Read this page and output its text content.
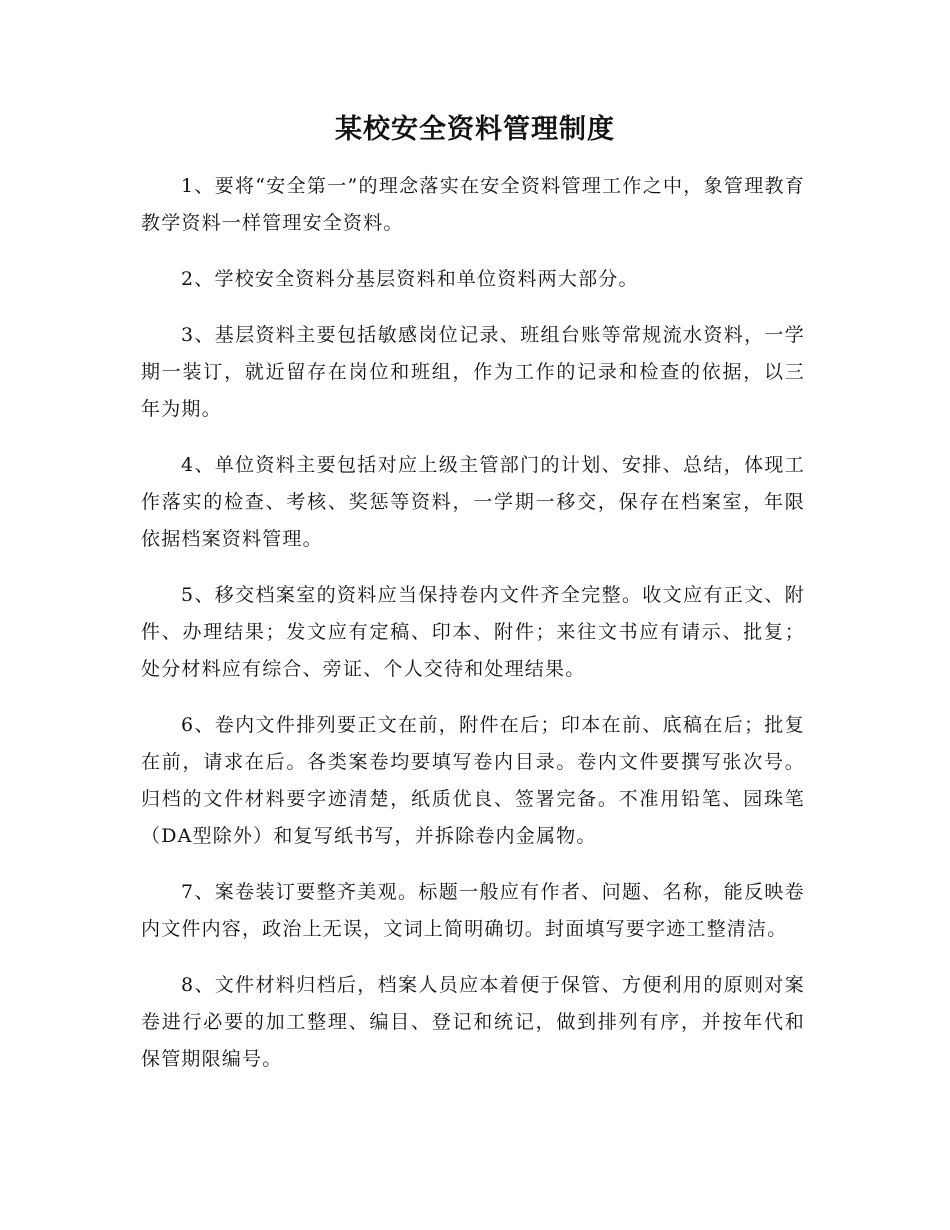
某校安全资料管理制度

1、要将“安全第一”的理念落实在安全资料管理工作之中，象管理教育教学资料一样管理安全资料。

2、学校安全资料分基层资料和单位资料两大部分。

3、基层资料主要包括敏感岗位记录、班组台账等常规流水资料，一学期一装订，就近留存在岗位和班组，作为工作的记录和检查的依据，以三年为期。

4、单位资料主要包括对应上级主管部门的计划、安排、总结，体现工作落实的检查、考核、奖惩等资料，一学期一移交，保存在档案室，年限依据档案资料管理。

5、移交档案室的资料应当保持卷内文件齐全完整。收文应有正文、附件、办理结果；发文应有定稿、印本、附件；来往文书应有请示、批复；处分材料应有综合、旁证、个人交待和处理结果。

6、卷内文件排列要正文在前，附件在后；印本在前、底稿在后；批复在前，请求在后。各类案卷均要填写卷内目录。卷内文件要撰写张次号。归档的文件材料要字迹清楚，纸质优良、签署完备。不准用铅笔、园珠笔（DA型除外）和复写纸书写，并拆除卷内金属物。

7、案卷装订要整齐美观。标题一般应有作者、问题、名称，能反映卷内文件内容，政治上无误，文词上简明确切。封面填写要字迹工整清洁。

8、文件材料归档后，档案人员应本着便于保管、方便利用的原则对案卷进行必要的加工整理、编目、登记和统记，做到排列有序，并按年代和保管期限编号。
